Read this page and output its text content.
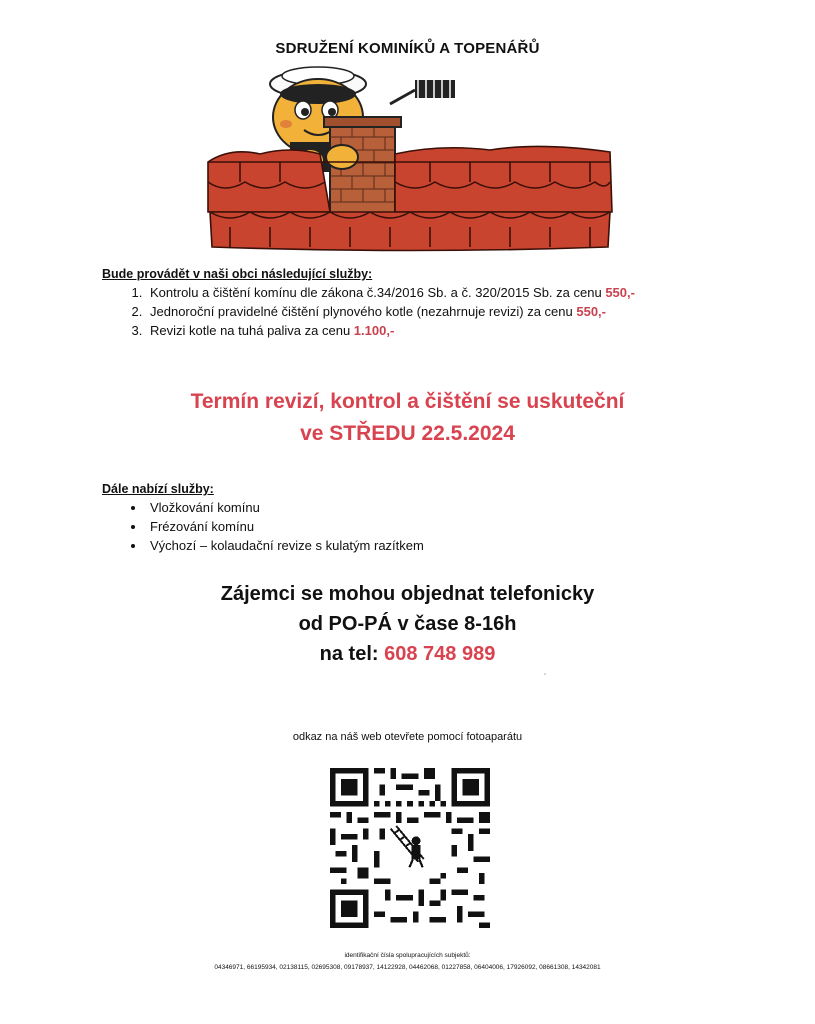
SDRUŽENÍ KOMINÍKŮ A TOPENÁŘŮ
Bude provádět v naši obci následující služby:
1. Kontrolu a čištění komínu dle zákona č.34/2016 Sb. a č. 320/2015 Sb. za cenu 550,-
2. Jednoroční pravidelné čištění plynového kotle (nezahrnuje revizi) za cenu 550,-
3. Revizi kotle na tuhá paliva za cenu 1.100,-
Termín revizí, kontrol a čištění se uskuteční
ve STŘEDU 22.5.2024
Dále nabízí služby:
• Vložkování komínu
• Frézování komínu
• Výchozí – kolaudační revize s kulatým razítkem
Zájemci se mohou objednat telefonicky
od PO-PÁ v čase 8-16h
na tel: 608 748 989
odkaz na náš web otevřete pomocí fotoaparátu
identifikační čísla spolupracujících subjektů:
04346971, 66195934, 02138115, 02695308, 09178937, 14122928, 04462068, 01227858, 06404006, 17926092, 08661308, 14342081
